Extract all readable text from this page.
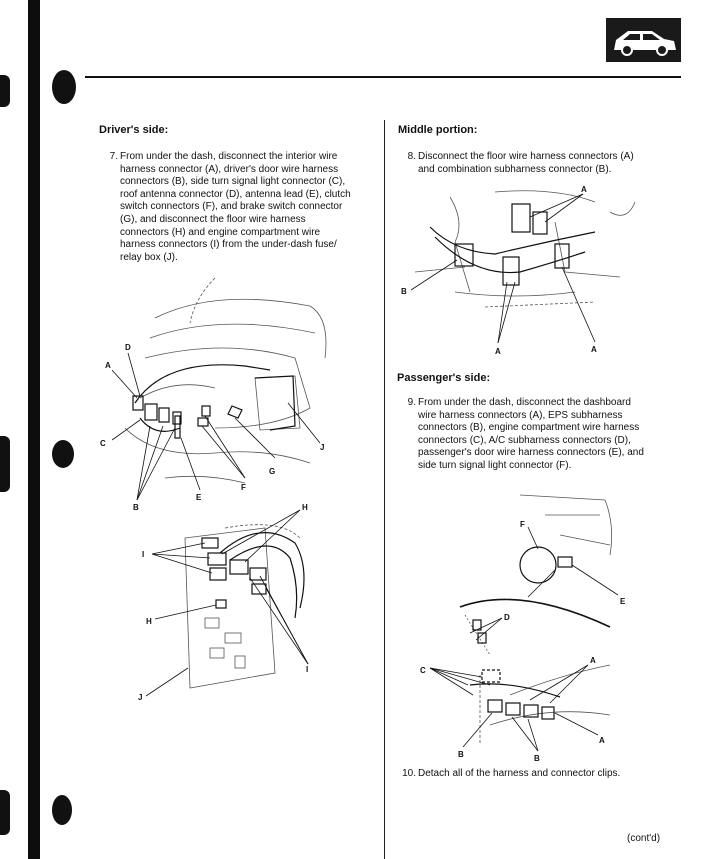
Driver's side:
7. From under the dash, disconnect the interior wire
harness connector (A), driver's door wire harness
connectors (B), side turn signal light connector (C),
roof antenna connector (D), antenna lead (E), clutch
switch connectors (F), and brake switch connector
(G), and disconnect the floor wire harness
connectors (H) and engine compartment wire
harness connectors (I) from the under-dash fuse/
relay box (J).
D
A
C
B
E
F
G
J
H
I
H
I
J
Middle portion:
8. Disconnect the floor wire harness connectors (A)
and combination subharness connector (B).
A
B
A	A
Passenger's side:
9. From under the dash, disconnect the dashboard
wire harness connectors (A), EPS subharness
connectors (B), engine compartment wire harness
connectors (C), A/C subharness connectors (D),
passenger's door wire harness connectors (E), and
side turn signal light connector (F).
F
E
D
C
A
A
B	B
10. Detach all of the harness and connector clips.
(cont'd)
